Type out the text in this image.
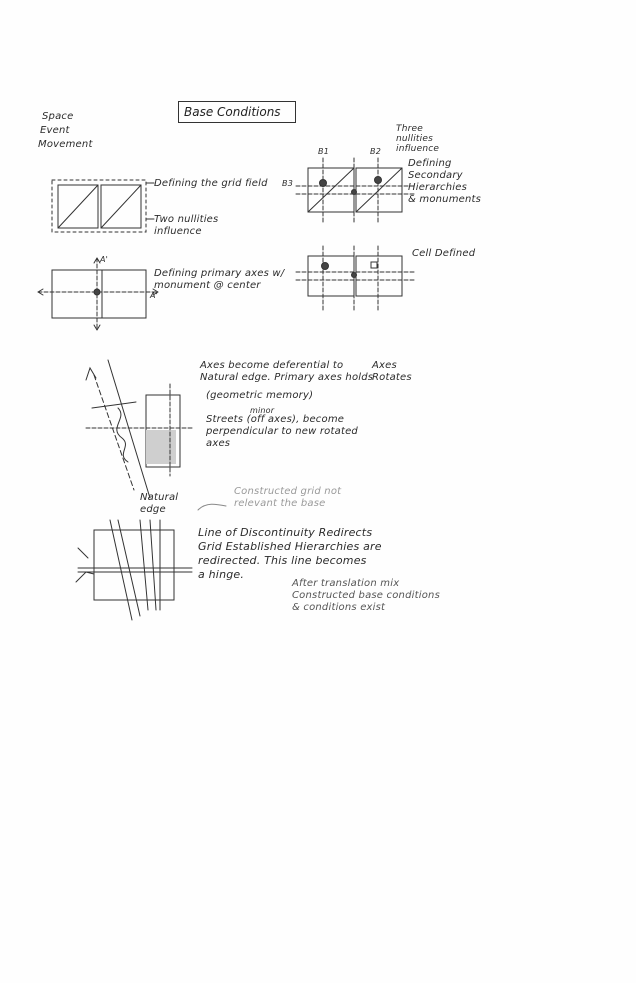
Space
Event
Movement
Base Conditions
Defining the grid field
Two nullities
influence
Defining primary axes w/
monument @ center
Three
nullities
influence
Defining
Secondary
Hierarchies
& monuments
Cell Defined
Axes become deferential to
Natural edge. Primary axes holds
Axes
Rotates
(geometric memory)
minor
Streets (off axes), become
perpendicular to new rotated
axes
Natural
edge
Constructed grid not
relevant the base
Line of Discontinuity Redirects
Grid Established Hierarchies are
redirected. This line becomes
a hinge.
After translation mix
Constructed base conditions
& conditions exist
A'
A'
B1	B2
B3
